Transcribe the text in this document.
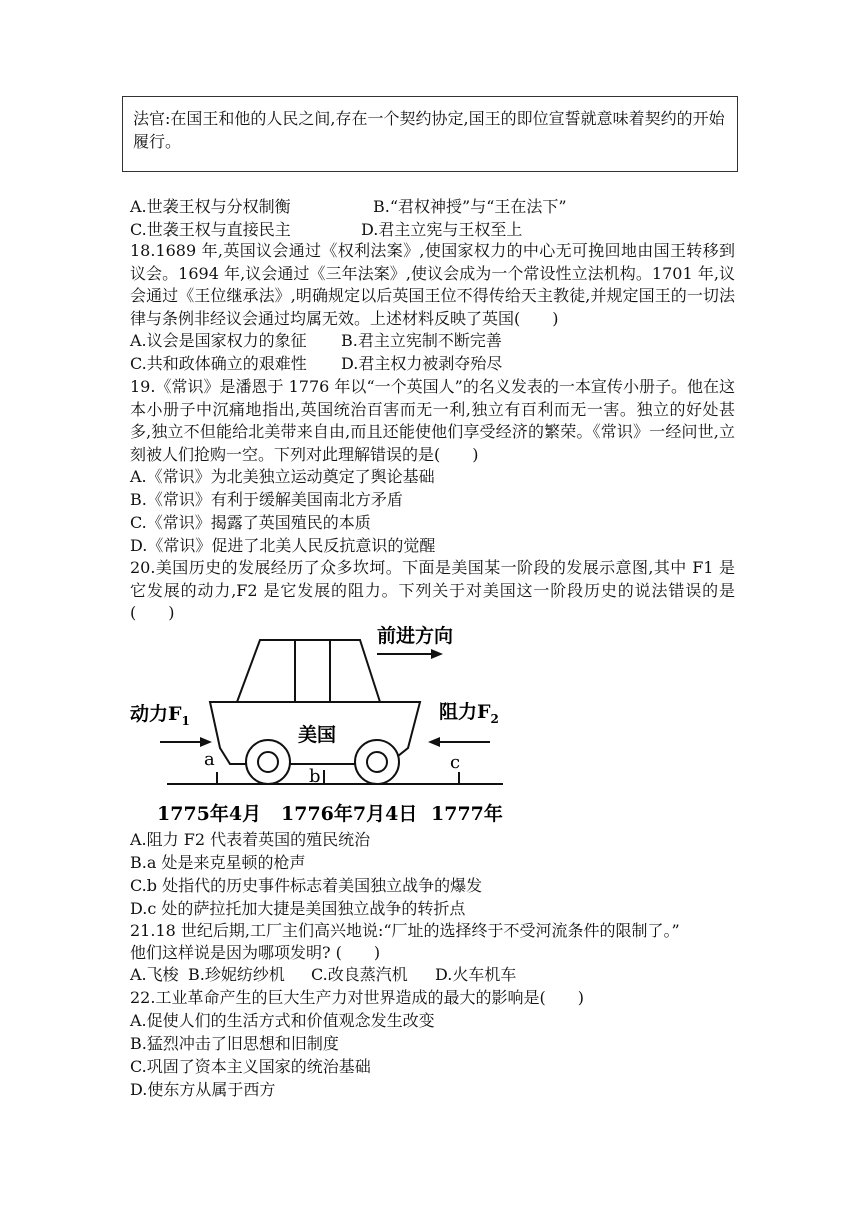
法官:在国王和他的人民之间,存在一个契约协定,国王的即位宣誓就意味着契约的开始履行。
A.世袭王权与分权制衡	B.“君权神授”与“王在法下”
C.世袭王权与直接民主	D.君主立宪与王权至上
18.1689 年,英国议会通过《权利法案》,使国家权力的中心无可挽回地由国王转移到议会。1694 年,议会通过《三年法案》,使议会成为一个常设性立法机构。1701 年,议会通过《王位继承法》,明确规定以后英国王位不得传给天主教徒,并规定国王的一切法律与条例非经议会通过均属无效。上述材料反映了英国(　　)
A.议会是国家权力的象征 B.君主立宪制不断完善
C.共和政体确立的艰难性 D.君主权力被剥夺殆尽
19.《常识》是潘恩于 1776 年以“一个英国人”的名义发表的一本宣传小册子。他在这本小册子中沉痛地指出,英国统治百害而无一利,独立有百利而无一害。独立的好处甚多,独立不但能给北美带来自由,而且还能使他们享受经济的繁荣。《常识》一经问世,立刻被人们抢购一空。下列对此理解错误的是(　　)
A.《常识》为北美独立运动奠定了舆论基础
B.《常识》有利于缓解美国南北方矛盾
C.《常识》揭露了英国殖民的本质
D.《常识》促进了北美人民反抗意识的觉醒
20.美国历史的发展经历了众多坎坷。下面是美国某一阶段的发展示意图,其中 F1 是它发展的动力,F2 是它发展的阻力。下列关于对美国这一阶段历史的说法错误的是(　　)
前进方向
美国
a
b
c
动力$F_1$	阻力$F_2$
1775年4月 1776年7月4日 1777年
A.阻力 F2 代表着英国的殖民统治
B.a 处是来克星顿的枪声
C.b 处指代的历史事件标志着美国独立战争的爆发
D.c 处的萨拉托加大捷是美国独立战争的转折点
21.18 世纪后期,工厂主们高兴地说:“厂址的选择终于不受河流条件的限制了。”
他们这样说是因为哪项发明? (　　)
A.飞梭 B.珍妮纺纱机 C.改良蒸汽机 D.火车机车
22.工业革命产生的巨大生产力对世界造成的最大的影响是(　　)
A.促使人们的生活方式和价值观念发生改变
B.猛烈冲击了旧思想和旧制度
C.巩固了资本主义国家的统治基础
D.使东方从属于西方
